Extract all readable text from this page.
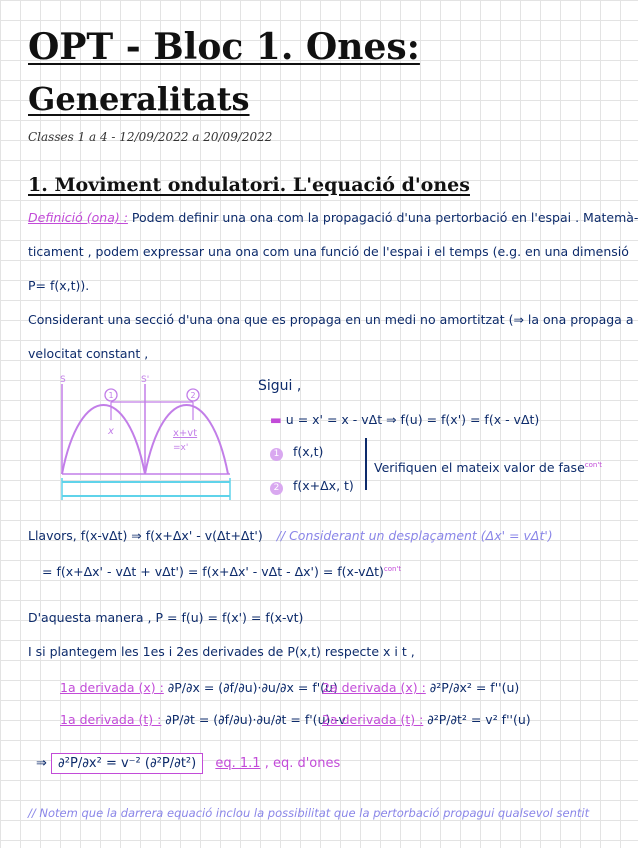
OPT - Bloc 1. Ones:
Generalitats
Classes 1 a 4 - 12/09/2022 a 20/09/2022
1. Moviment ondulatori. L'equació d'ones
Definició (ona) : Podem definir una ona com la propagació d'una pertorbació en l'espai . Matemà-
ticament , podem expressar una ona com una funció de l'espai i el temps (e.g. en una dimensió
P= f(x,t)).
Considerant una secció d'una ona que es propaga en un medi no amortitzat (⇒ la ona propaga a
velocitat constant ,
1	2
S	S'
x	x+vt
=x'
Sigui ,
▬ u = x' = x - vΔt ⇒ f(u) = f(x') = f(x - vΔt)
1 f(x,t)
2 f(x+Δx, t)
Verifiquen el mateix valor de fase$^{con't}$
Llavors, f(x-vΔt) ⇒ f(x+Δx' - v(Δt+Δt') // Considerant un desplaçament (Δx' = vΔt')
= $f(x+\Delta x' - v\Delta t + v\Delta t') = f(x+\Delta x' - v\Delta t - \Delta x') = f(x-v\Delta t)^{con't}$
D'aquesta manera , P = f(u) = f(x') = f(x-vt)
I si plantegem les 1es i 2es derivades de P(x,t) respecte x i t ,
1a derivada (x) : ∂P/∂x = (∂f/∂u)·∂u/∂x = f'(u)
2a derivada (x) : ∂²P/∂x² = f''(u)
1a derivada (t) : ∂P/∂t = (∂f/∂u)·∂u/∂t = f'(u)·-v
2a derivada (t) : ∂²P/∂t² = v² f''(u)
⇒ ∂²P/∂x² = v⁻² (∂²P/∂t²) eq. 1.1 , eq. d'ones
// Notem que la darrera equació inclou la possibilitat que la pertorbació propagui qualsevol sentit
